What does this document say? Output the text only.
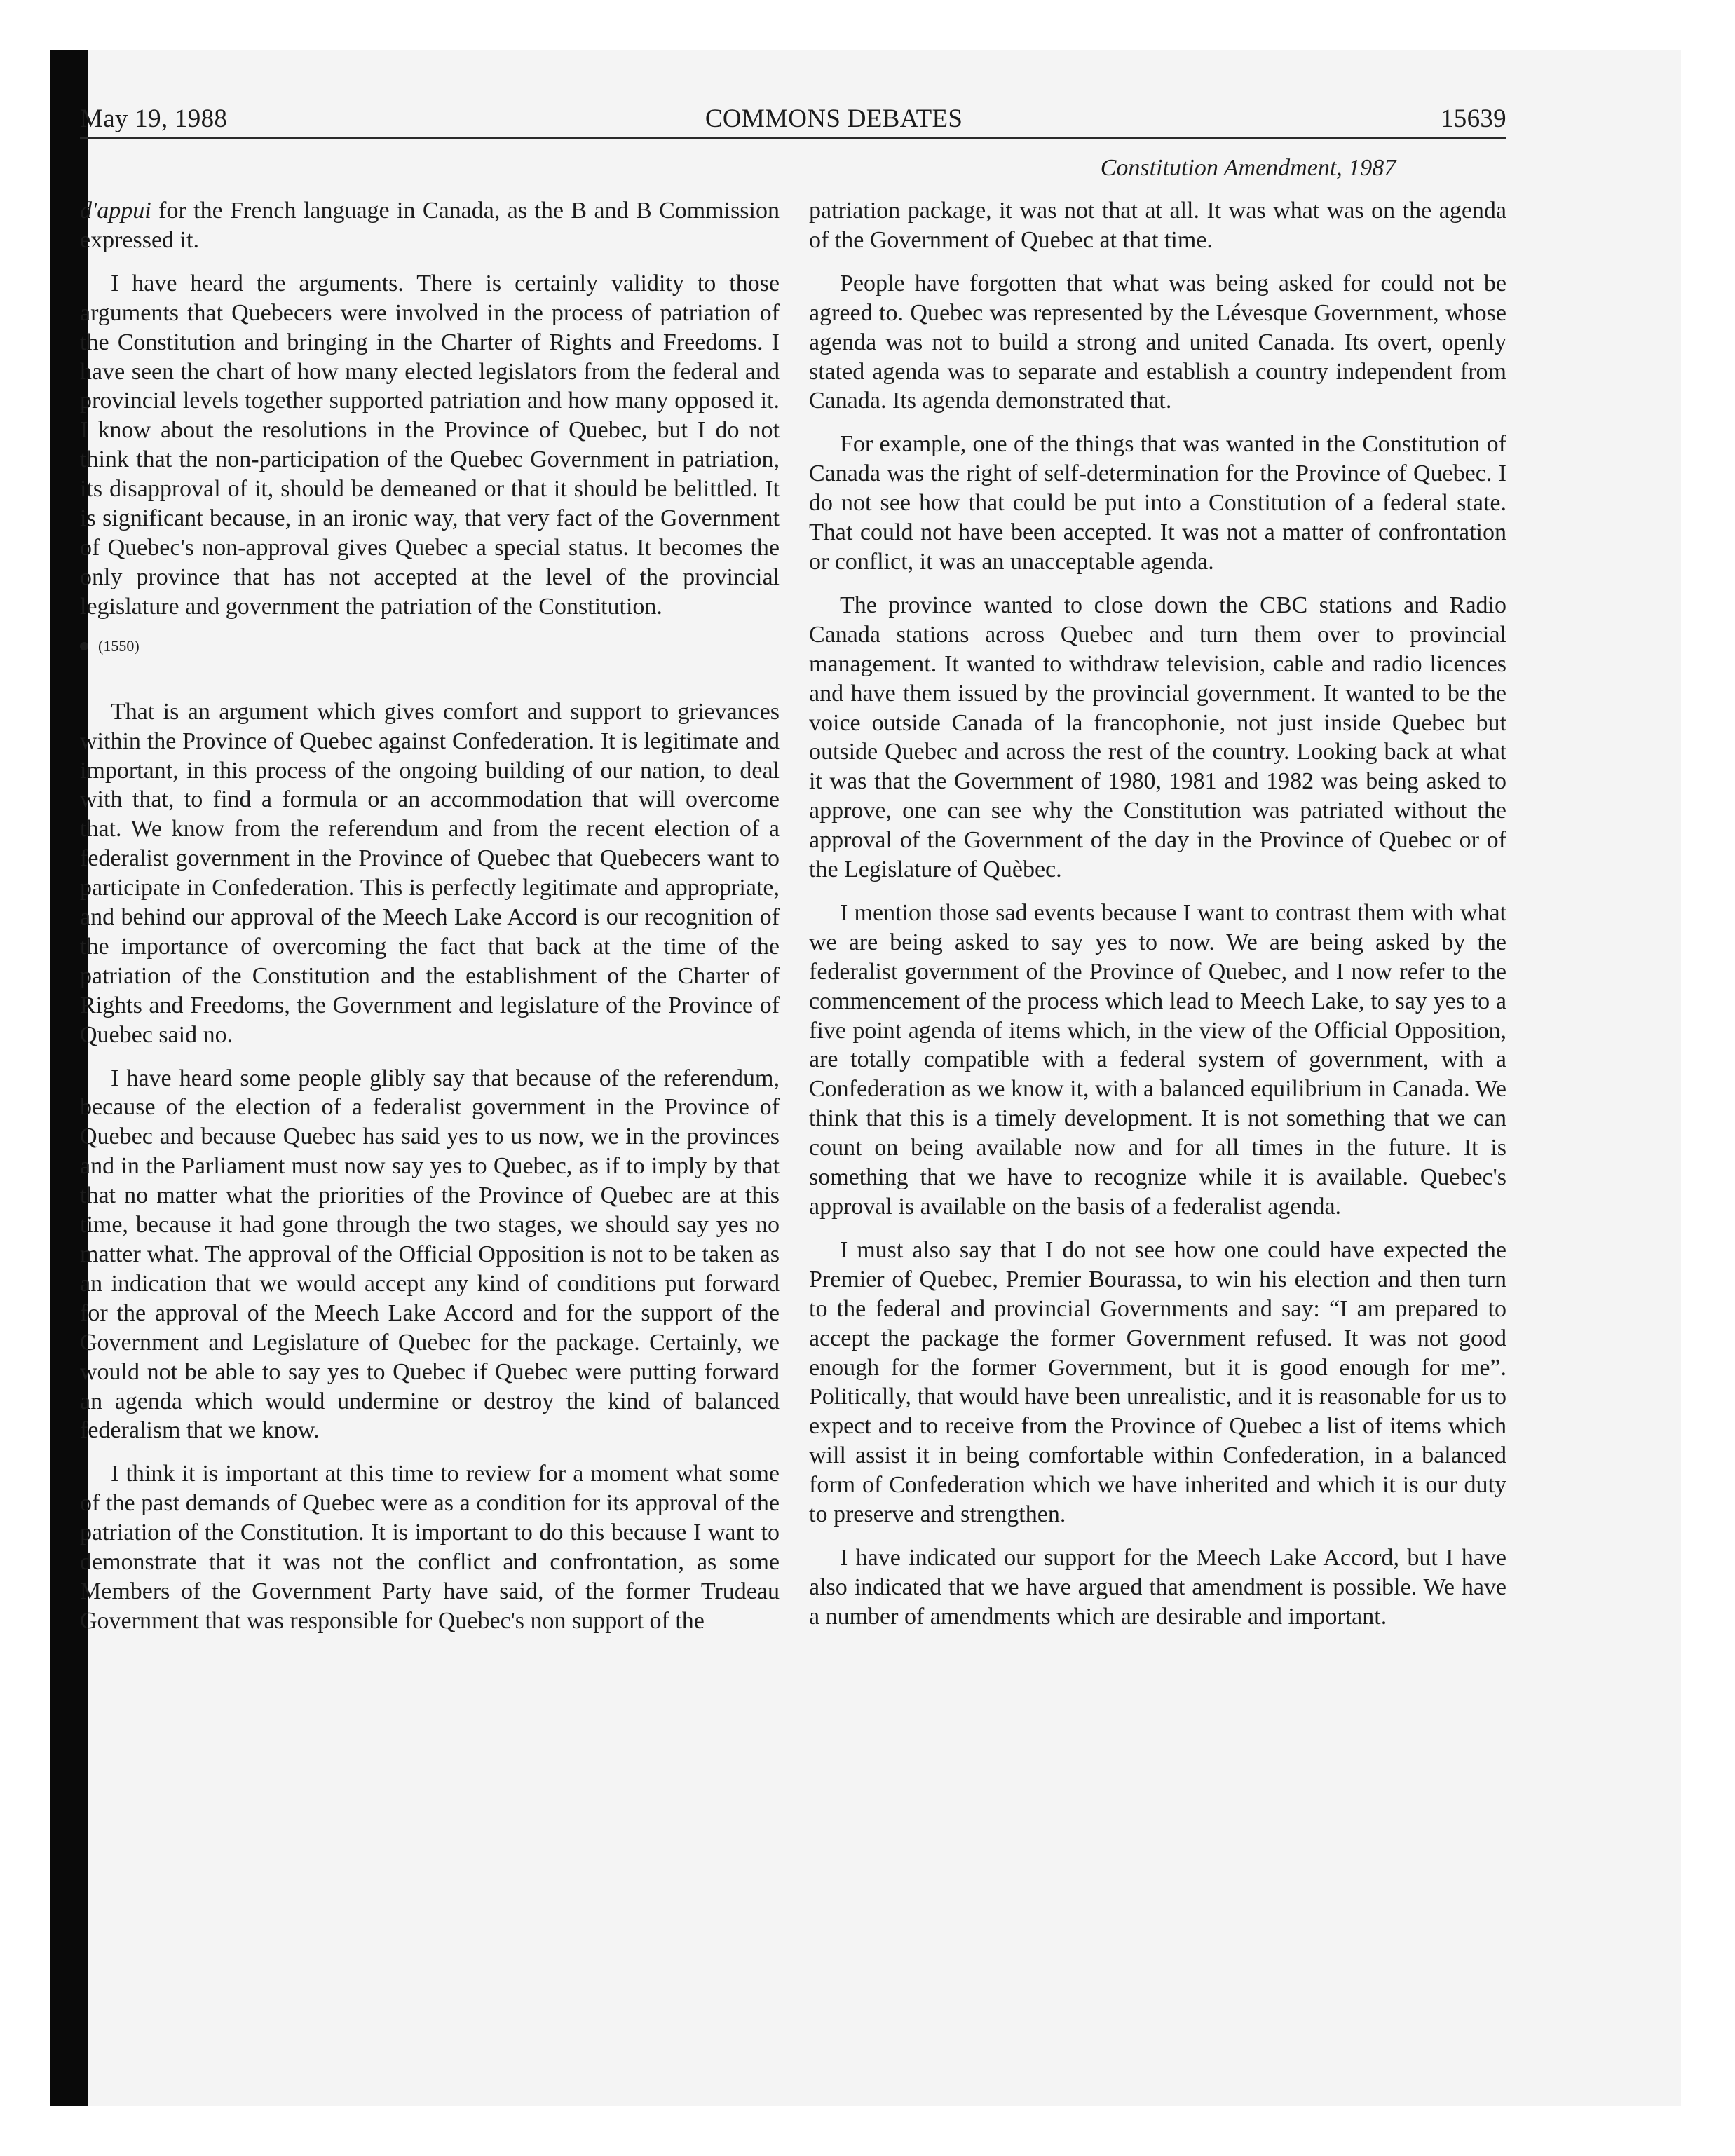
May 19, 1988	COMMONS DEBATES	15639
Constitution Amendment, 1987

d'appui for the French language in Canada, as the B and B Commission expressed it.

I have heard the arguments. There is certainly validity to those arguments that Quebecers were involved in the process of patriation of the Constitution and bringing in the Charter of Rights and Freedoms. I have seen the chart of how many elected legislators from the federal and provincial levels together supported patriation and how many opposed it. I know about the resolutions in the Province of Quebec, but I do not think that the non-participation of the Quebec Government in patriation, its disapproval of it, should be demeaned or that it should be belittled. It is significant because, in an ironic way, that very fact of the Government of Quebec's non-approval gives Quebec a special status. It becomes the only province that has not accepted at the level of the provincial legislature and government the patriation of the Constitution.

(1550)

That is an argument which gives comfort and support to grievances within the Province of Quebec against Confederation. It is legitimate and important, in this process of the ongoing building of our nation, to deal with that, to find a formula or an accommodation that will overcome that. We know from the referendum and from the recent election of a federalist government in the Province of Quebec that Quebecers want to participate in Confederation. This is perfectly legitimate and appropriate, and behind our approval of the Meech Lake Accord is our recognition of the importance of overcoming the fact that back at the time of the patriation of the Constitution and the establishment of the Charter of Rights and Freedoms, the Government and legislature of the Province of Quebec said no.

I have heard some people glibly say that because of the referendum, because of the election of a federalist government in the Province of Quebec and because Quebec has said yes to us now, we in the provinces and in the Parliament must now say yes to Quebec, as if to imply by that that no matter what the priorities of the Province of Quebec are at this time, because it had gone through the two stages, we should say yes no matter what. The approval of the Official Opposition is not to be taken as an indication that we would accept any kind of conditions put forward for the approval of the Meech Lake Accord and for the support of the Government and Legislature of Quebec for the package. Certainly, we would not be able to say yes to Quebec if Quebec were putting forward an agenda which would undermine or destroy the kind of balanced federalism that we know.

I think it is important at this time to review for a moment what some of the past demands of Quebec were as a condition for its approval of the patriation of the Constitution. It is important to do this because I want to demonstrate that it was not the conflict and confrontation, as some Members of the Government Party have said, of the former Trudeau Government that was responsible for Quebec's non support of the

patriation package, it was not that at all. It was what was on the agenda of the Government of Quebec at that time.

People have forgotten that what was being asked for could not be agreed to. Quebec was represented by the Lévesque Government, whose agenda was not to build a strong and united Canada. Its overt, openly stated agenda was to separate and establish a country independent from Canada. Its agenda demonstrated that.

For example, one of the things that was wanted in the Constitution of Canada was the right of self-determination for the Province of Quebec. I do not see how that could be put into a Constitution of a federal state. That could not have been accepted. It was not a matter of confrontation or conflict, it was an unacceptable agenda.

The province wanted to close down the CBC stations and Radio Canada stations across Quebec and turn them over to provincial management. It wanted to withdraw television, cable and radio licences and have them issued by the provincial government. It wanted to be the voice outside Canada of la francophonie, not just inside Quebec but outside Quebec and across the rest of the country. Looking back at what it was that the Government of 1980, 1981 and 1982 was being asked to approve, one can see why the Constitution was patriated without the approval of the Government of the day in the Province of Quebec or of the Legislature of Quèbec.

I mention those sad events because I want to contrast them with what we are being asked to say yes to now. We are being asked by the federalist government of the Province of Quebec, and I now refer to the commencement of the process which lead to Meech Lake, to say yes to a five point agenda of items which, in the view of the Official Opposition, are totally compatible with a federal system of government, with a Confederation as we know it, with a balanced equilibrium in Canada. We think that this is a timely development. It is not something that we can count on being available now and for all times in the future. It is something that we have to recognize while it is available. Quebec's approval is available on the basis of a federalist agenda.

I must also say that I do not see how one could have expected the Premier of Quebec, Premier Bourassa, to win his election and then turn to the federal and provincial Governments and say: “I am prepared to accept the package the former Government refused. It was not good enough for the former Government, but it is good enough for me”. Politically, that would have been unrealistic, and it is reasonable for us to expect and to receive from the Province of Quebec a list of items which will assist it in being comfortable within Confederation, in a balanced form of Confederation which we have inherited and which it is our duty to preserve and strengthen.

I have indicated our support for the Meech Lake Accord, but I have also indicated that we have argued that amendment is possible. We have a number of amendments which are desirable and important.
